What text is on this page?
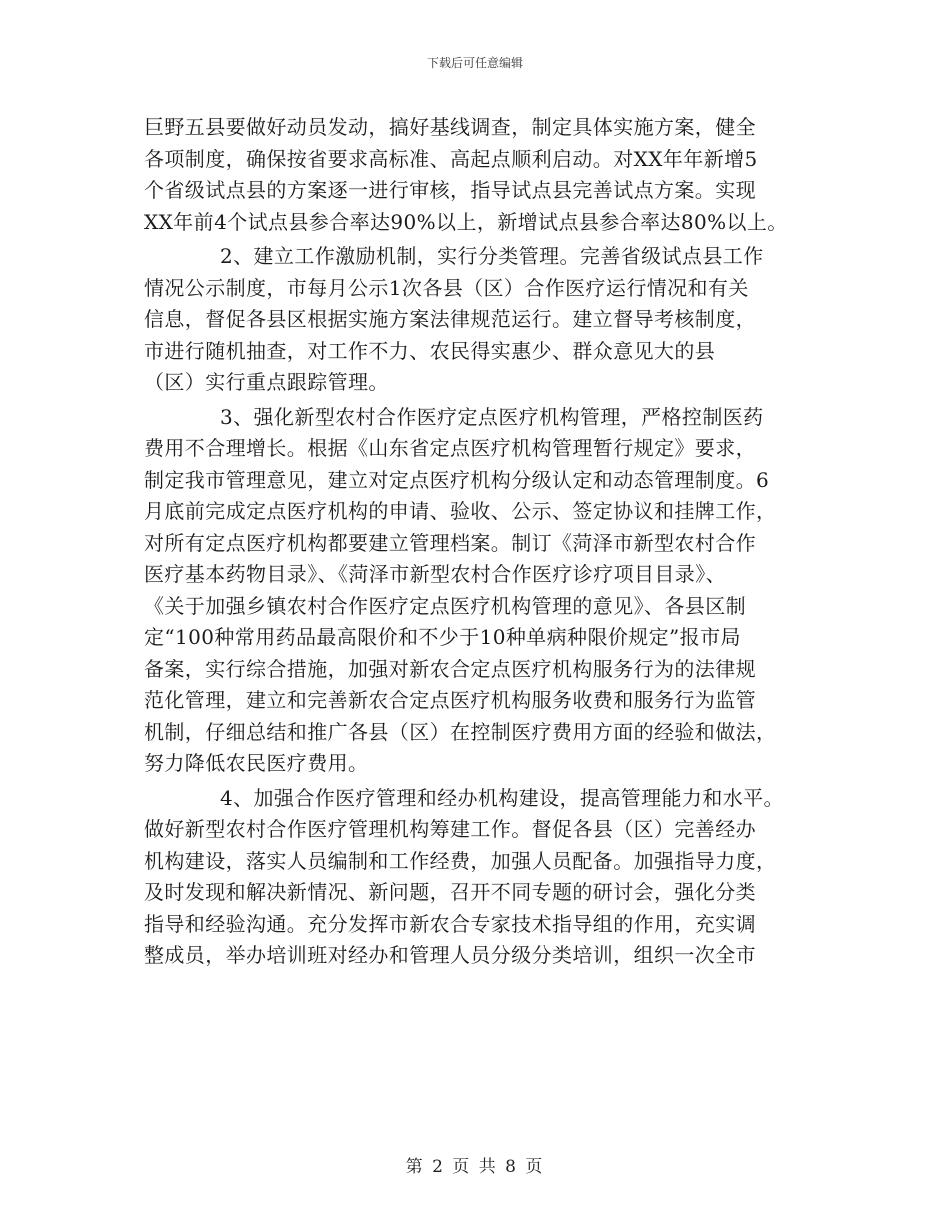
下载后可任意编辑
巨野五县要做好动员发动，搞好基线调查，制定具体实施方案，健全
各项制度，确保按省要求高标准、高起点顺利启动。对XX年年新增5
个省级试点县的方案逐一进行审核，指导试点县完善试点方案。实现
XX年前4个试点县参合率达90%以上，新增试点县参合率达80%以上。
2、建立工作激励机制，实行分类管理。完善省级试点县工作
情况公示制度，市每月公示1次各县（区）合作医疗运行情况和有关
信息，督促各县区根据实施方案法律规范运行。建立督导考核制度，
市进行随机抽查，对工作不力、农民得实惠少、群众意见大的县
（区）实行重点跟踪管理。
3、强化新型农村合作医疗定点医疗机构管理，严格控制医药
费用不合理增长。根据《山东省定点医疗机构管理暂行规定》要求，
制定我市管理意见，建立对定点医疗机构分级认定和动态管理制度。6
月底前完成定点医疗机构的申请、验收、公示、签定协议和挂牌工作，
对所有定点医疗机构都要建立管理档案。制订《菏泽市新型农村合作
医疗基本药物目录》、《菏泽市新型农村合作医疗诊疗项目目录》、
《关于加强乡镇农村合作医疗定点医疗机构管理的意见》、各县区制
定“100种常用药品最高限价和不少于10种单病种限价规定”报市局
备案，实行综合措施，加强对新农合定点医疗机构服务行为的法律规
范化管理，建立和完善新农合定点医疗机构服务收费和服务行为监管
机制，仔细总结和推广各县（区）在控制医疗费用方面的经验和做法，
努力降低农民医疗费用。
4、加强合作医疗管理和经办机构建设，提高管理能力和水平。
做好新型农村合作医疗管理机构筹建工作。督促各县（区）完善经办
机构建设，落实人员编制和工作经费，加强人员配备。加强指导力度，
及时发现和解决新情况、新问题，召开不同专题的研讨会，强化分类
指导和经验沟通。充分发挥市新农合专家技术指导组的作用，充实调
整成员，举办培训班对经办和管理人员分级分类培训，组织一次全市
第 2 页 共 8 页
